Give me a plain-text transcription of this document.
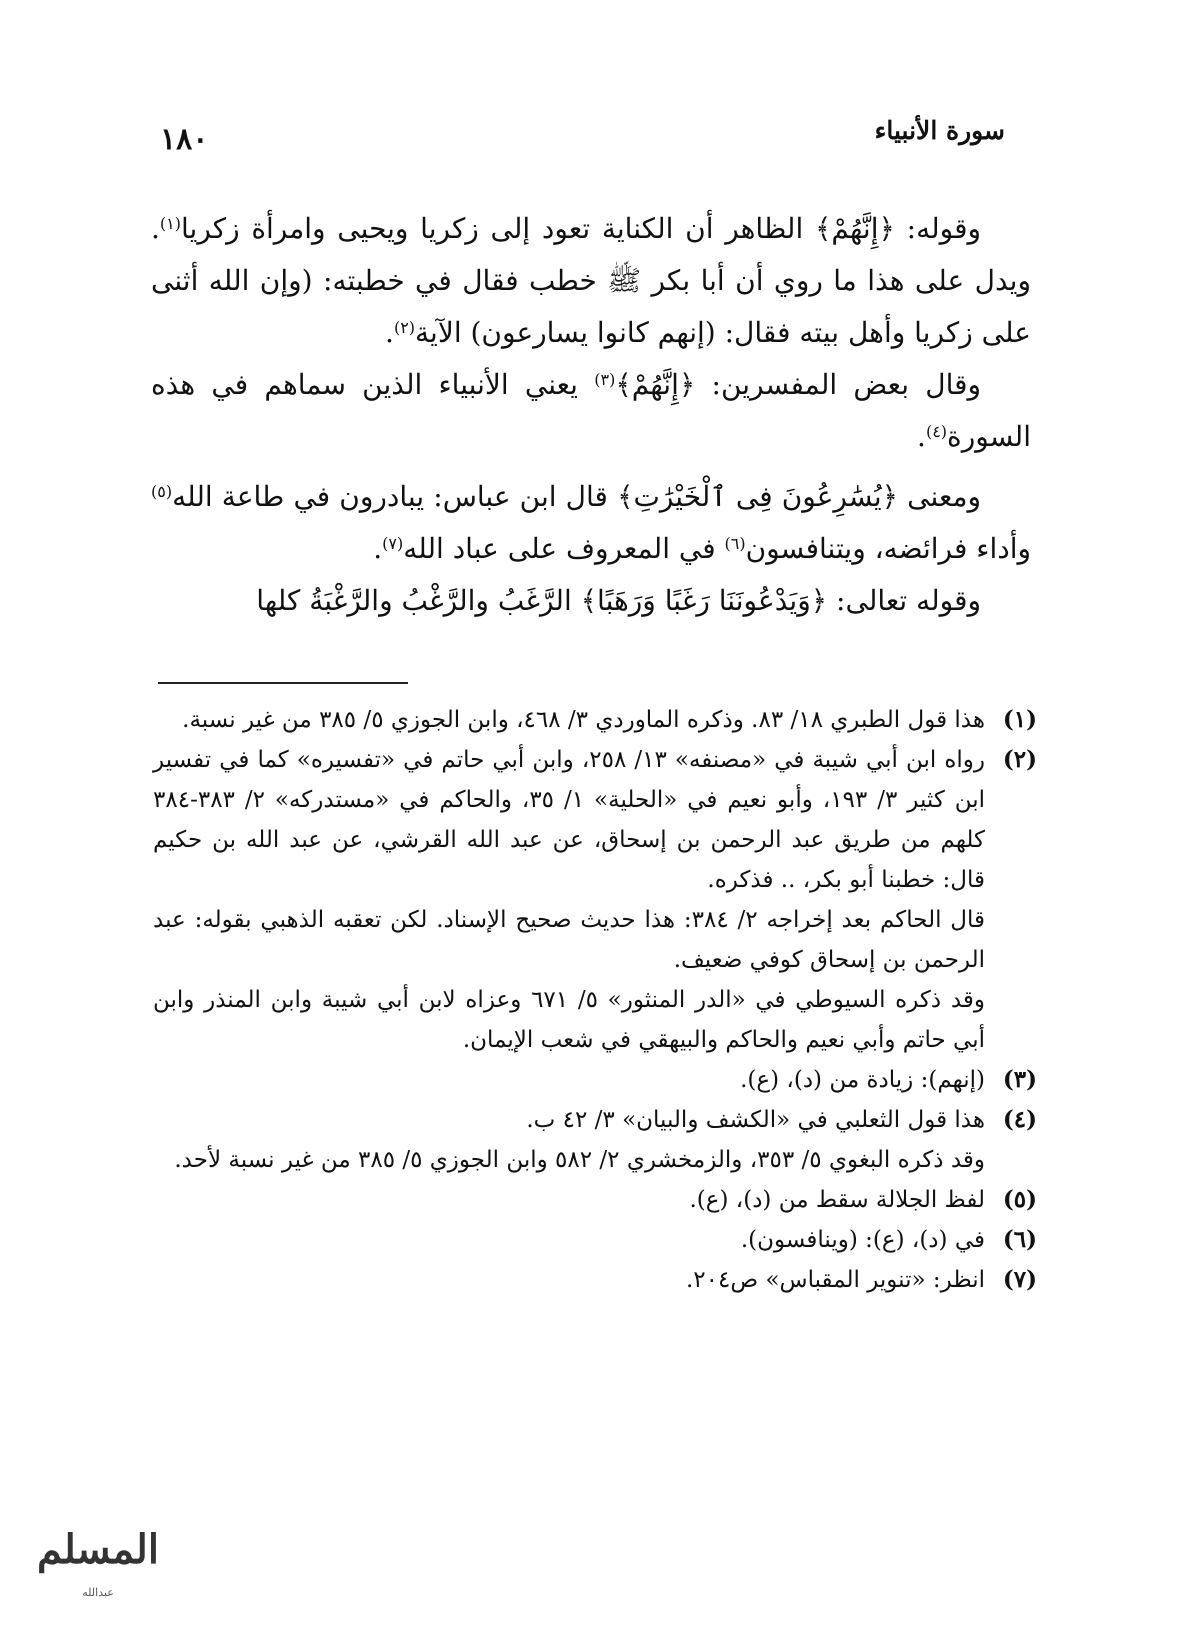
١٨٠	سورة الأنبياء

وقوله: ﴿إِنَّهُمْ﴾ الظاهر أن الكناية تعود إلى زكريا ويحيى وامرأة زكريا$^{(١)}$. ويدل على هذا ما روي أن أبا بكر ﷺ خطب فقال في خطبته: (وإن الله أثنى على زكريا وأهل بيته فقال: (إنهم كانوا يسارعون) الآية$^{(٢)}$.

وقال بعض المفسرين: ﴿إِنَّهُمْ﴾$^{(٣)}$ يعني الأنبياء الذين سماهم في هذه السورة$^{(٤)}$.

ومعنى ﴿يُسَٰرِعُونَ فِى ٱلْخَيْرَٰتِ﴾ قال ابن عباس: يبادرون في طاعة الله$^{(٥)}$ وأداء فرائضه، ويتنافسون$^{(٦)}$ في المعروف على عباد الله$^{(٧)}$.

وقوله تعالى: ﴿وَيَدْعُونَنَا رَغَبًا وَرَهَبًا﴾ الرَّغَبُ والرَّغْبُ والرَّغْبَةُ كلها

(١)
هذا قول الطبري ١٨/ ٨٣. وذكره الماوردي ٣/ ٤٦٨، وابن الجوزي ٥/ ٣٨٥ من غير نسبة.
(٢)
رواه ابن أبي شيبة في «مصنفه» ١٣/ ٢٥٨، وابن أبي حاتم في «تفسيره» كما في تفسير ابن كثير ٣/ ١٩٣، وأبو نعيم في «الحلية» ١/ ٣٥، والحاكم في «مستدركه» ٢/ ٣٨٣-٣٨٤ كلهم من طريق عبد الرحمن بن إسحاق، عن عبد الله القرشي، عن عبد الله بن حكيم قال: خطبنا أبو بكر، .. فذكره.
قال الحاكم بعد إخراجه ٢/ ٣٨٤: هذا حديث صحيح الإسناد. لكن تعقبه الذهبي بقوله: عبد الرحمن بن إسحاق كوفي ضعيف.
وقد ذكره السيوطي في «الدر المنثور» ٥/ ٦٧١ وعزاه لابن أبي شيبة وابن المنذر وابن أبي حاتم وأبي نعيم والحاكم والبيهقي في شعب الإيمان.
(٣)
(إنهم): زيادة من (د)، (ع).
(٤)
هذا قول الثعلبي في «الكشف والبيان» ٣/ ٤٢ ب.
وقد ذكره البغوي ٥/ ٣٥٣، والزمخشري ٢/ ٥٨٢ وابن الجوزي ٥/ ٣٨٥ من غير نسبة لأحد.
(٥)
لفظ الجلالة سقط من (د)، (ع).
(٦)
في (د)، (ع): (وينافسون).
(٧)
انظر: «تنوير المقباس» ص٢٠٤.
المسلم
عبدالله
